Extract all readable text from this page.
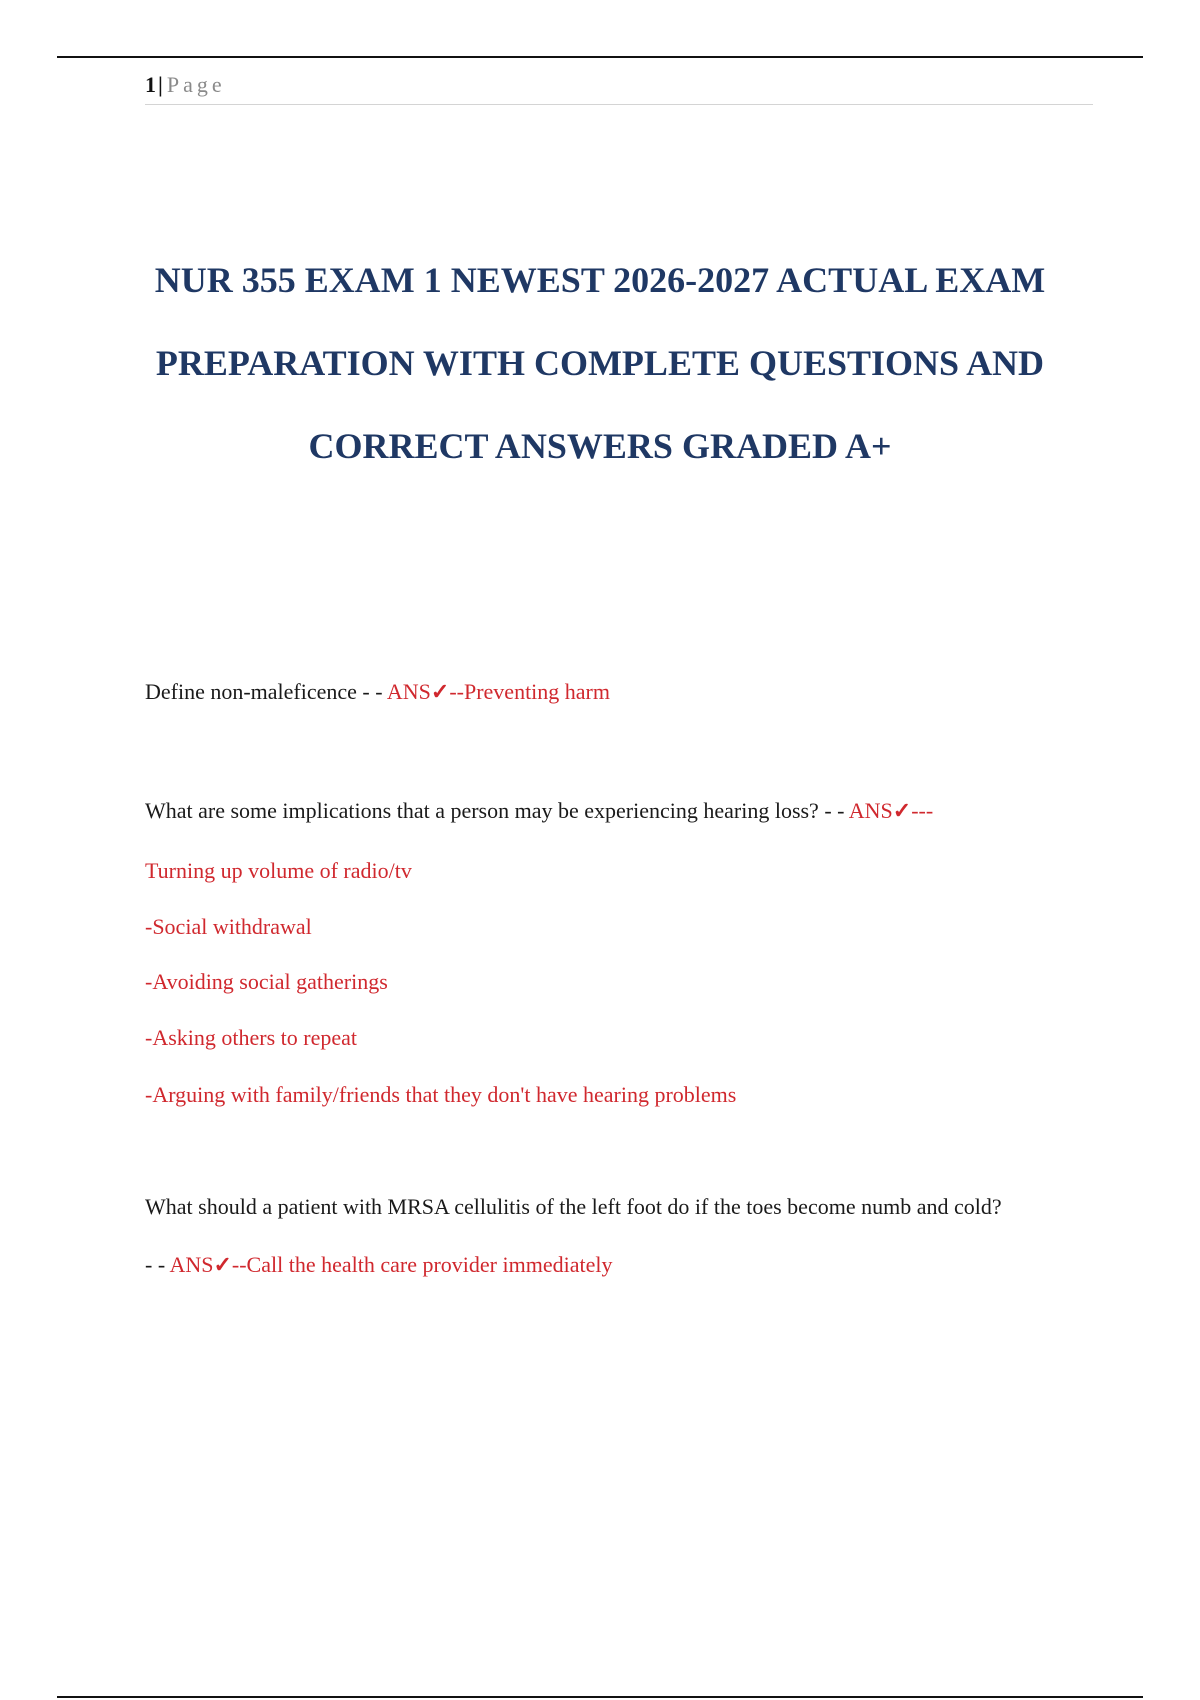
1| Page
NUR 355 EXAM 1 NEWEST 2026-2027 ACTUAL EXAM
PREPARATION WITH COMPLETE QUESTIONS AND
CORRECT ANSWERS GRADED A+
Define non-maleficence - - ANS✓--Preventing harm
What are some implications that a person may be experiencing hearing loss? - - ANS✓---
Turning up volume of radio/tv
-Social withdrawal
-Avoiding social gatherings
-Asking others to repeat
-Arguing with family/friends that they don't have hearing problems
What should a patient with MRSA cellulitis of the left foot do if the toes become numb and cold?
- - ANS✓--Call the health care provider immediately
